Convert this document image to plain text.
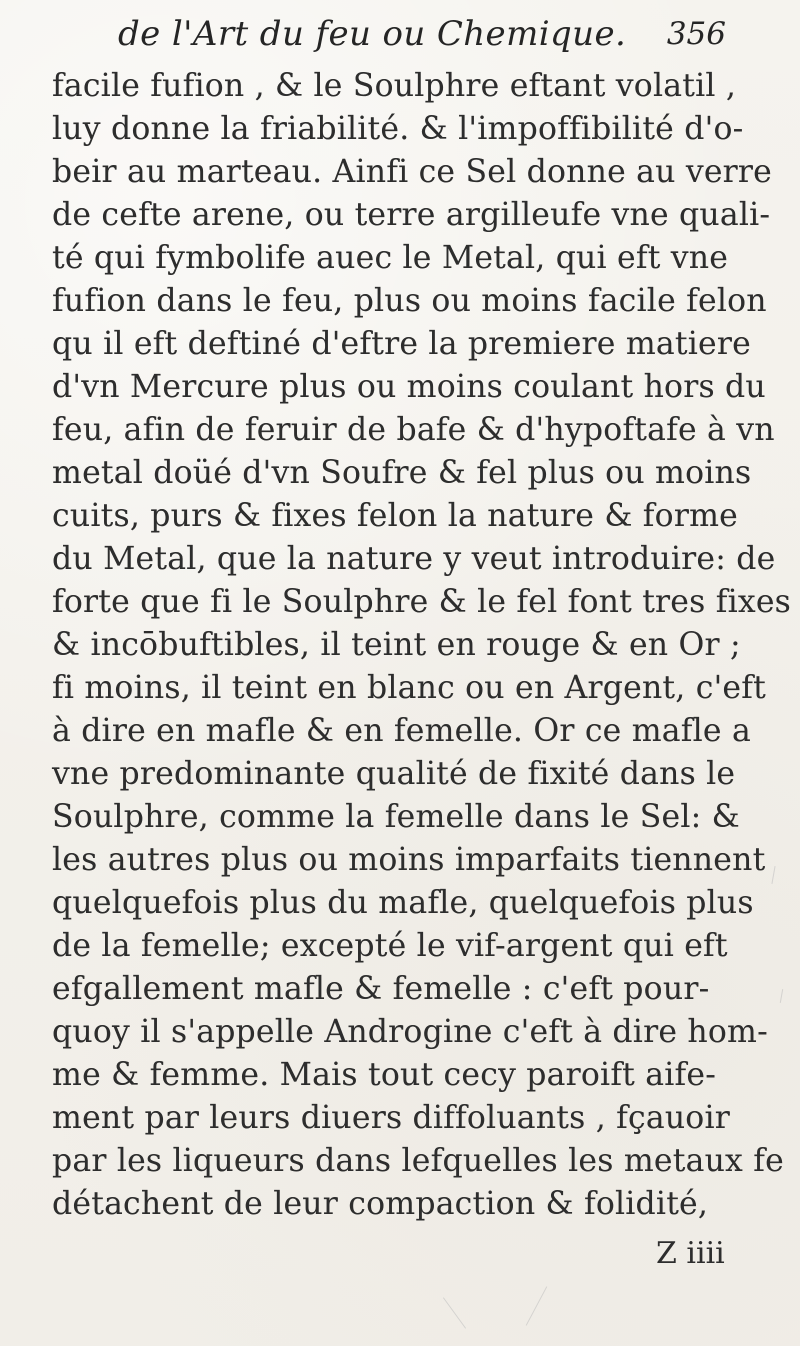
de l'Art du feu ou Chemique. 356
facile fufion , & le Soulphre eftant volatil ,
luy donne la friabilité. & l'impoffibilité d'o-
beir au marteau. Ainfi ce Sel donne au verre
de cefte arene, ou terre argilleufe vne quali-
té qui fymbolife auec le Metal, qui eft vne
fufion dans le feu, plus ou moins facile felon
qu il eft deftiné d'eftre la premiere matiere
d'vn Mercure plus ou moins coulant hors du
feu, afin de feruir de bafe & d'hypoftafe à vn
metal doüé d'vn Soufre & fel plus ou moins
cuits, purs & fixes felon la nature & forme
du Metal, que la nature y veut introduire: de
forte que fi le Soulphre & le fel font tres fixes
& incōbuftibles, il teint en rouge & en Or ;
fi moins, il teint en blanc ou en Argent, c'eft
à dire en mafle & en femelle. Or ce mafle a
vne predominante qualité de fixité dans le
Soulphre, comme la femelle dans le Sel: &
les autres plus ou moins imparfaits tiennent
quelquefois plus du mafle, quelquefois plus
de la femelle; excepté le vif-argent qui eft
efgallement mafle & femelle : c'eft pour-
quoy il s'appelle Androgine c'eft à dire hom-
me & femme. Mais tout cecy paroift aife-
ment par leurs diuers diffoluants , fçauoir
par les liqueurs dans lefquelles les metaux fe
détachent de leur compaction & folidité,
Z iiii
